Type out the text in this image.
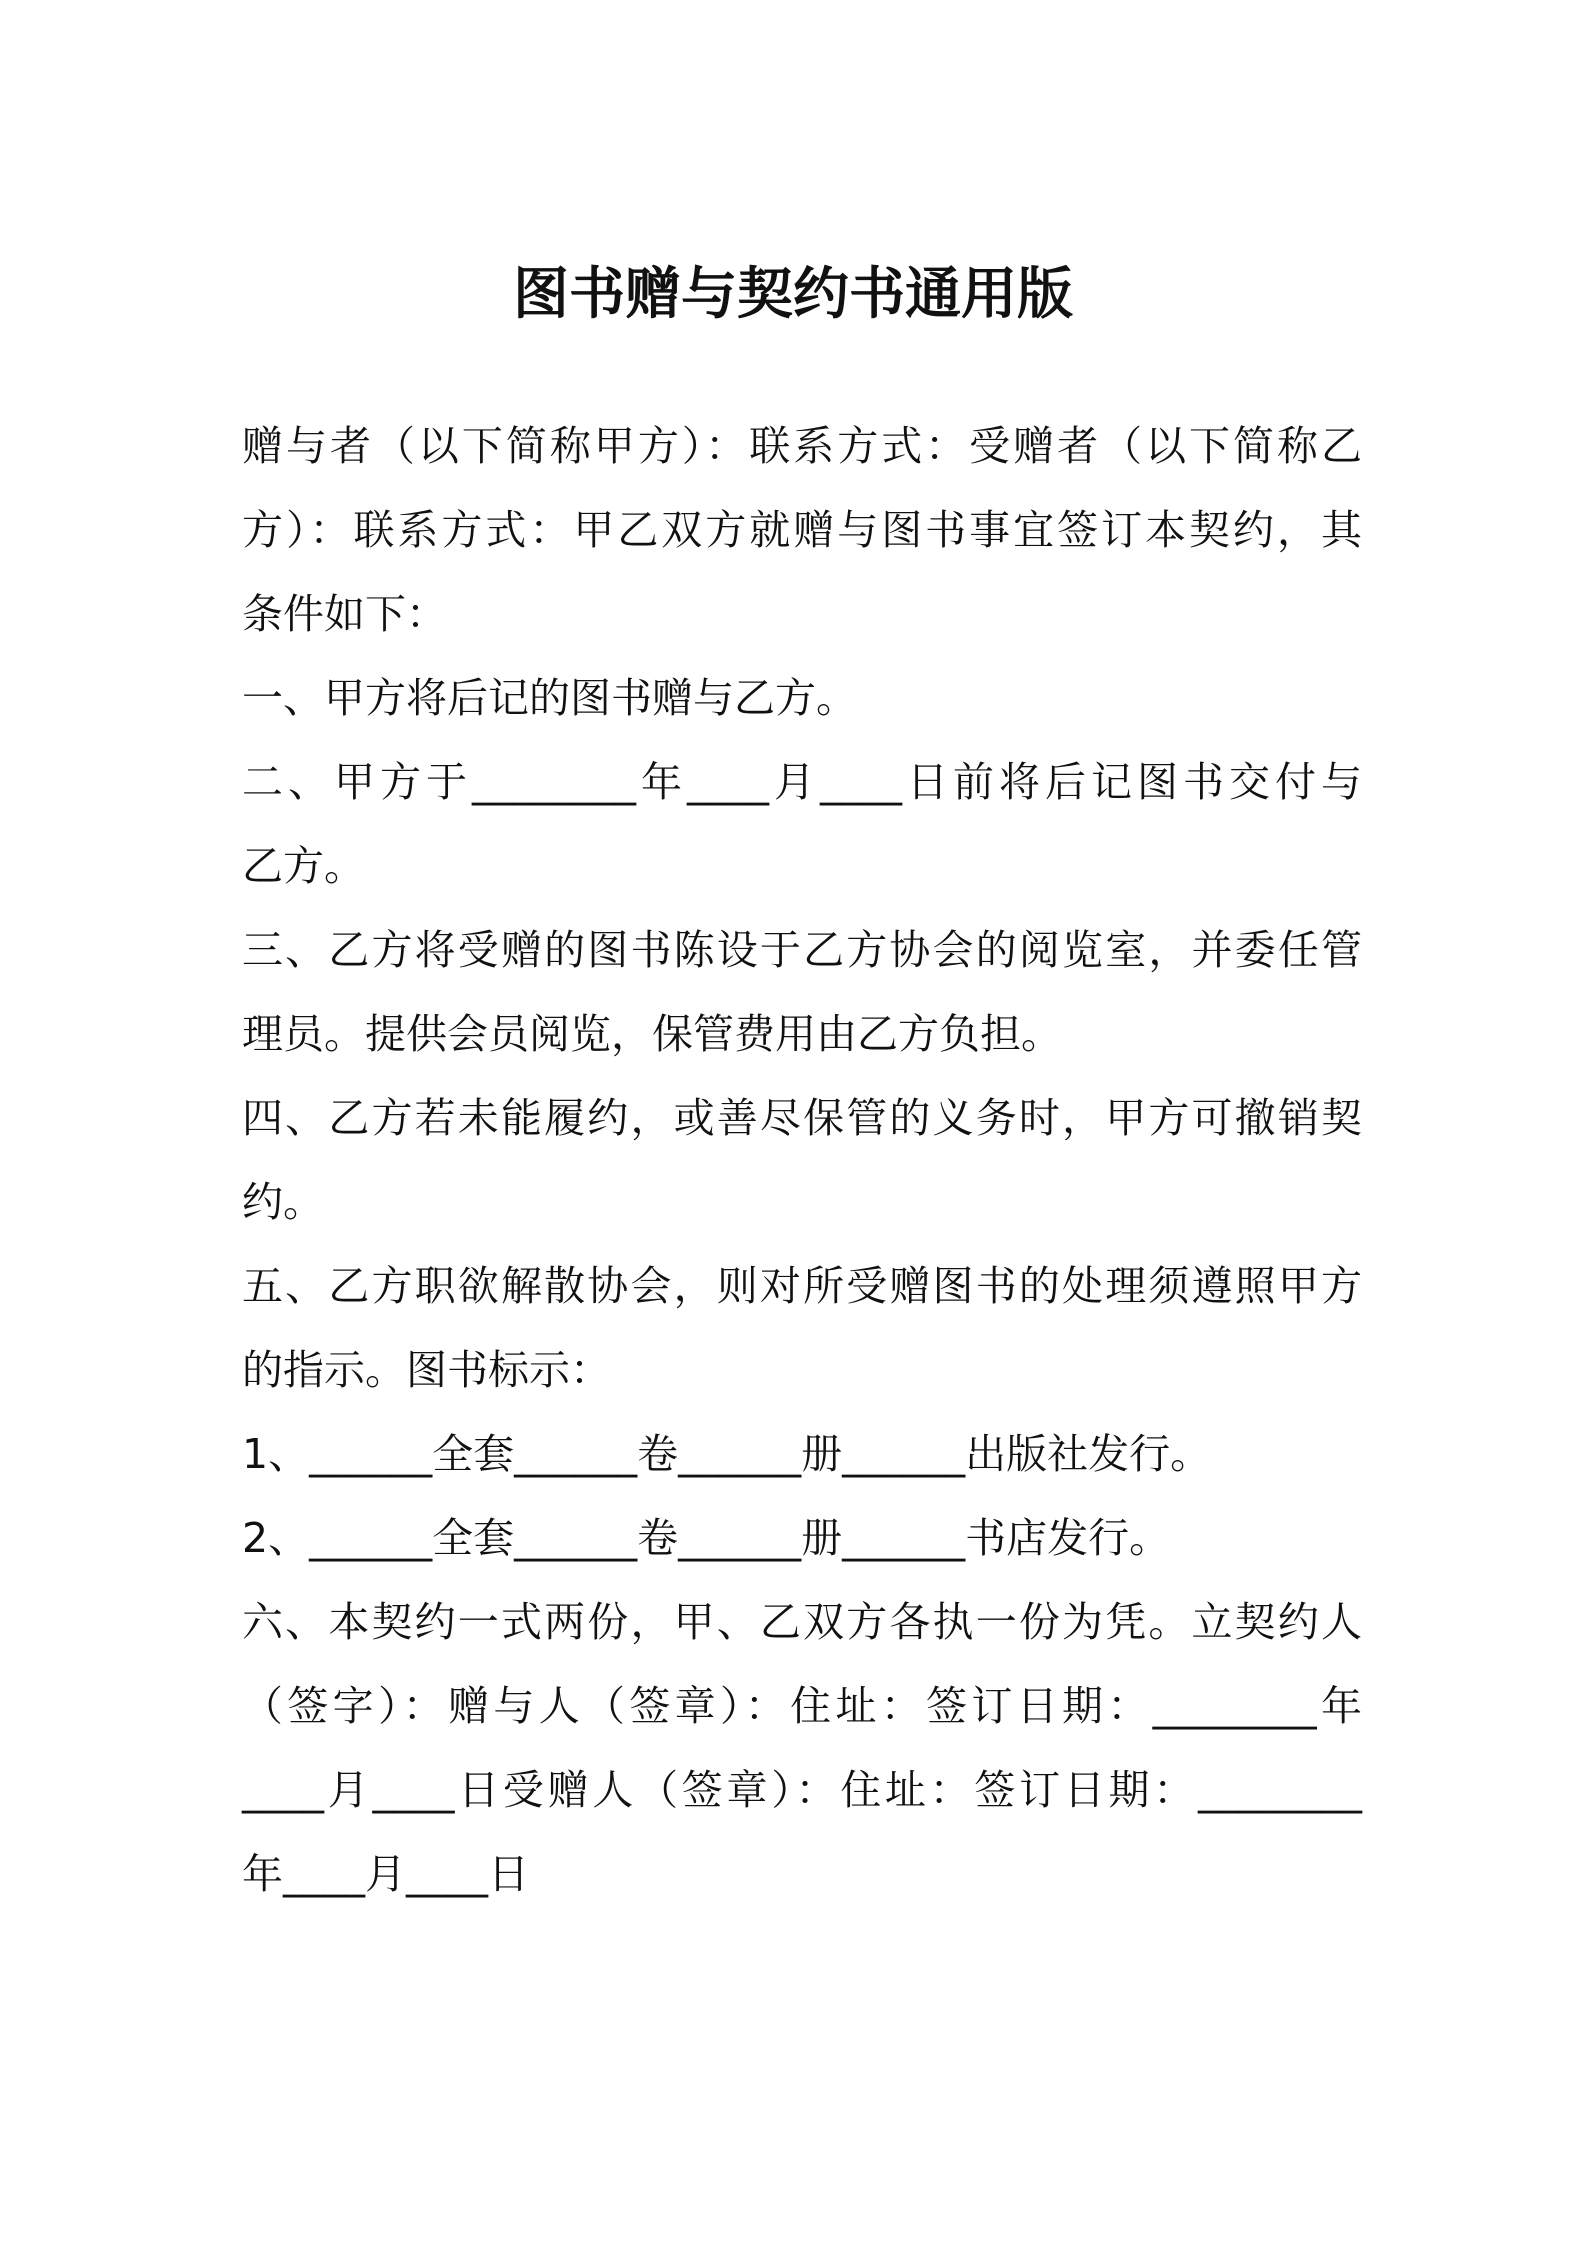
图书赠与契约书通用版
赠与者（以下简称甲方）：联系方式：受赠者（以下简称乙
方）：联系方式：甲乙双方就赠与图书事宜签订本契约，其
条件如下：
一、甲方将后记的图书赠与乙方。
二、甲方于________年____月____日前将后记图书交付与
乙方。
三、乙方将受赠的图书陈设于乙方协会的阅览室，并委任管
理员。提供会员阅览，保管费用由乙方负担。
四、乙方若未能履约，或善尽保管的义务时，甲方可撤销契
约。
五、乙方职欲解散协会，则对所受赠图书的处理须遵照甲方
的指示。图书标示：
1、______全套______卷______册______出版社发行。
2、______全套______卷______册______书店发行。
六、本契约一式两份，甲、乙双方各执一份为凭。立契约人
（签字）：赠与人（签章）：住址：签订日期：________年
____月____日受赠人（签章）：住址：签订日期：________
年____月____日
